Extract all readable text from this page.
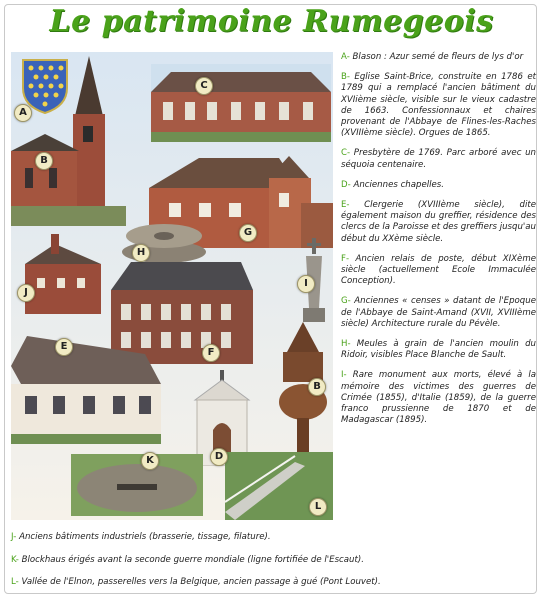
Le patrimoine Rumegeois
A
B
C
G
H
J
I
E
F
B
D
K
L

A- Blason : Azur semé de fleurs de lys d'or

B- Eglise Saint-Brice, construite en 1786 et 1789 qui a remplacé l'ancien bâtiment du XVIième siècle, visible sur le vieux cadastre de 1663. Confessionnaux et chaires provenant de l'Abbaye de Flines-les-Raches (XVIIIème siècle). Orgues de 1865.

C- Presbytère de 1769. Parc arboré avec un séquoia centenaire.

D- Anciennes chapelles.

E- Clergerie (XVIIIème siècle), dite également maison du greffier, résidence des clercs de la Paroisse et des greffiers jusqu'au début du XXème siècle.

F- Ancien relais de poste, début XIXème siècle (actuellement Ecole Immaculée Conception).

G- Anciennes « censes » datant de l'Epoque de l'Abbaye de Saint-Amand (XVII, XVIIIème siècle) Architecture rurale du Pévèle.

H- Meules à grain de l'ancien moulin du Ridoir, visibles Place Blanche de Sault.

I- Rare monument aux morts, élevé à la mémoire des victimes des guerres de Crimée (1855), d'Italie (1859), de la guerre franco prussienne de 1870 et de Madagascar (1895).

J- Anciens bâtiments industriels (brasserie, tissage, filature).
K- Blockhaus érigés avant la seconde guerre mondiale (ligne fortifiée de l'Escaut).
L- Vallée de l'Elnon, passerelles vers la Belgique, ancien passage à gué (Pont Louvet).
